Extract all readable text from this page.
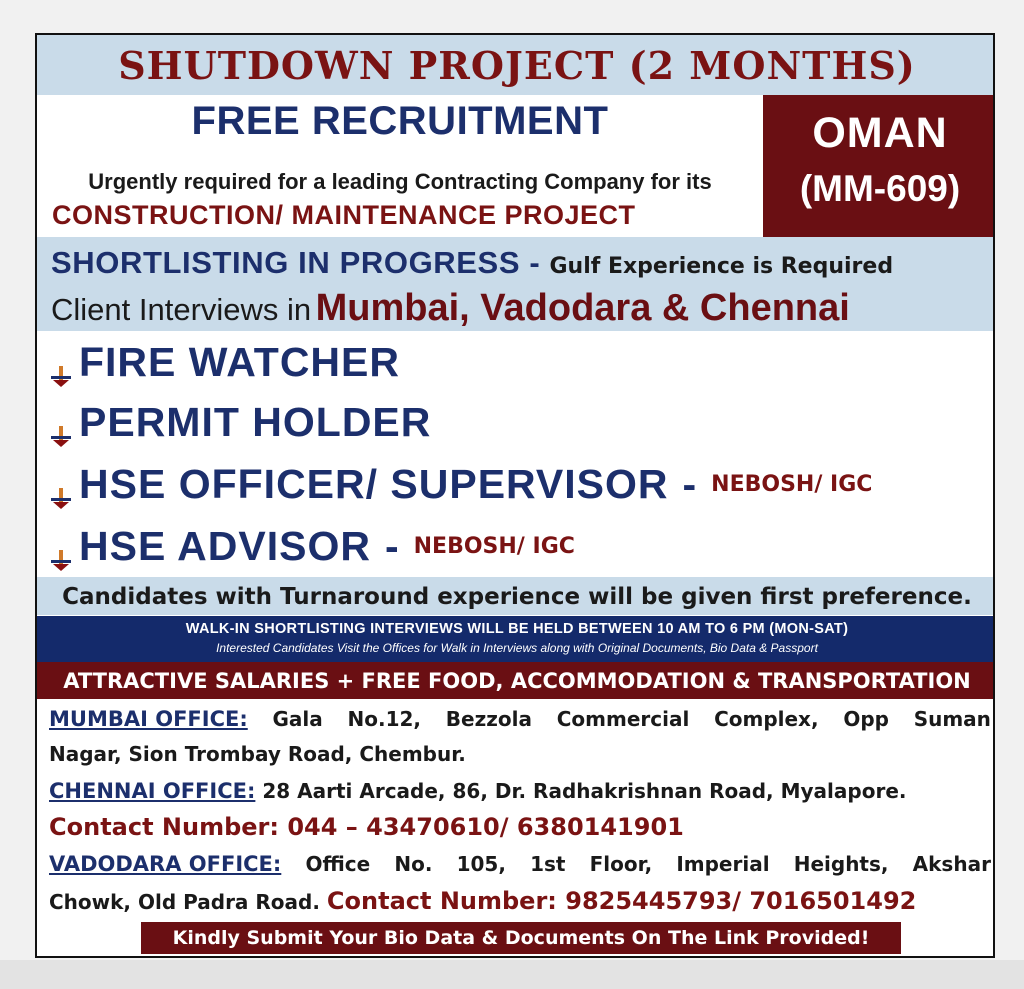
SHUTDOWN PROJECT (2 MONTHS)
FREE RECRUITMENT
Urgently required for a leading Contracting Company for its
CONSTRUCTION/ MAINTENANCE PROJECT
OMAN
(MM-609)
SHORTLISTING IN PROGRESS - Gulf Experience is Required
Client Interviews in Mumbai, Vadodara & Chennai
FIRE WATCHER
PERMIT HOLDER
HSE OFFICER/ SUPERVISOR - NEBOSH/ IGC
HSE ADVISOR - NEBOSH/ IGC
Candidates with Turnaround experience will be given first preference.
WALK-IN SHORTLISTING INTERVIEWS WILL BE HELD BETWEEN 10 AM TO 6 PM (MON-SAT)
Interested Candidates Visit the Offices for Walk in Interviews along with Original Documents, Bio Data & Passport
ATTRACTIVE SALARIES + FREE FOOD, ACCOMMODATION & TRANSPORTATION
MUMBAI OFFICE: Gala No.12, Bezzola Commercial Complex, Opp Suman
Nagar, Sion Trombay Road, Chembur.
CHENNAI OFFICE: 28 Aarti Arcade, 86, Dr. Radhakrishnan Road, Myalapore.
Contact Number: 044 – 43470610/ 6380141901
VADODARA OFFICE: Office No. 105, 1st Floor, Imperial Heights, Akshar
Chowk, Old Padra Road. Contact Number: 9825445793/ 7016501492
Kindly Submit Your Bio Data & Documents On The Link Provided!
